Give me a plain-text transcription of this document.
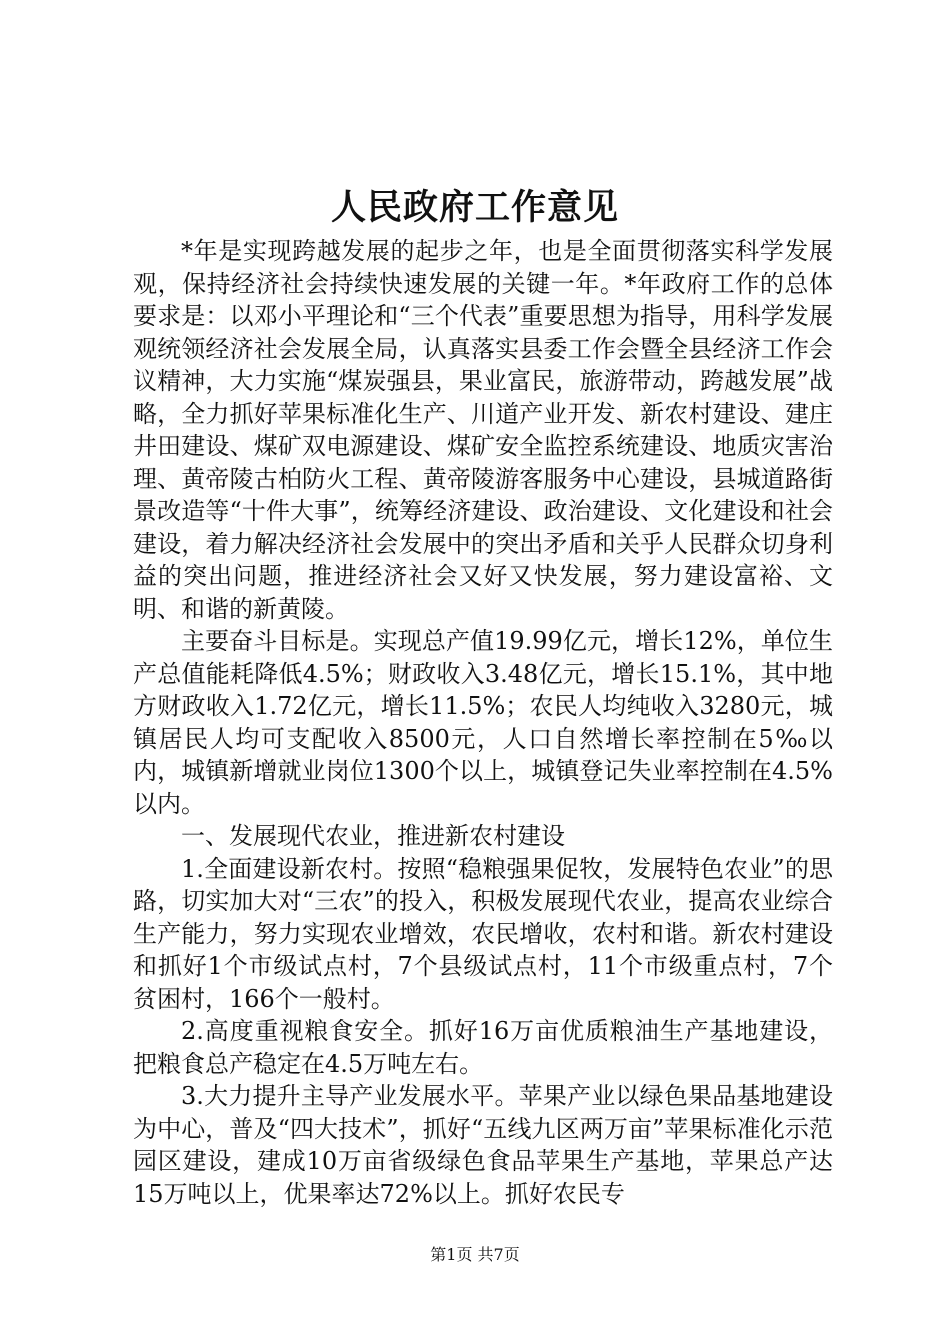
人民政府工作意见

*年是实现跨越发展的起步之年，也是全面贯彻落实科学发展观，保持经济社会持续快速发展的关键一年。*年政府工作的总体要求是：以邓小平理论和“三个代表”重要思想为指导，用科学发展观统领经济社会发展全局，认真落实县委工作会暨全县经济工作会议精神，大力实施“煤炭强县，果业富民，旅游带动，跨越发展”战略，全力抓好苹果标准化生产、川道产业开发、新农村建设、建庄井田建设、煤矿双电源建设、煤矿安全监控系统建设、地质灾害治理、黄帝陵古柏防火工程、黄帝陵游客服务中心建设，县城道路街景改造等“十件大事”，统筹经济建设、政治建设、文化建设和社会建设，着力解决经济社会发展中的突出矛盾和关乎人民群众切身利益的突出问题，推进经济社会又好又快发展，努力建设富裕、文明、和谐的新黄陵。

主要奋斗目标是。实现总产值19.99亿元，增长12%，单位生产总值能耗降低4.5%；财政收入3.48亿元，增长15.1%，其中地方财政收入1.72亿元，增长11.5%；农民人均纯收入3280元，城镇居民人均可支配收入8500元，人口自然增长率控制在5‰以内，城镇新增就业岗位1300个以上，城镇登记失业率控制在4.5%以内。

一、发展现代农业，推进新农村建设

1.全面建设新农村。按照“稳粮强果促牧，发展特色农业”的思路，切实加大对“三农”的投入，积极发展现代农业，提高农业综合生产能力，努力实现农业增效，农民增收，农村和谐。新农村建设和抓好1个市级试点村，7个县级试点村，11个市级重点村，7个贫困村，166个一般村。

2.高度重视粮食安全。抓好16万亩优质粮油生产基地建设，把粮食总产稳定在4.5万吨左右。

3.大力提升主导产业发展水平。苹果产业以绿色果品基地建设为中心，普及“四大技术”，抓好“五线九区两万亩”苹果标准化示范园区建设，建成10万亩省级绿色食品苹果生产基地，苹果总产达15万吨以上，优果率达72%以上。抓好农民专

第1页 共7页
